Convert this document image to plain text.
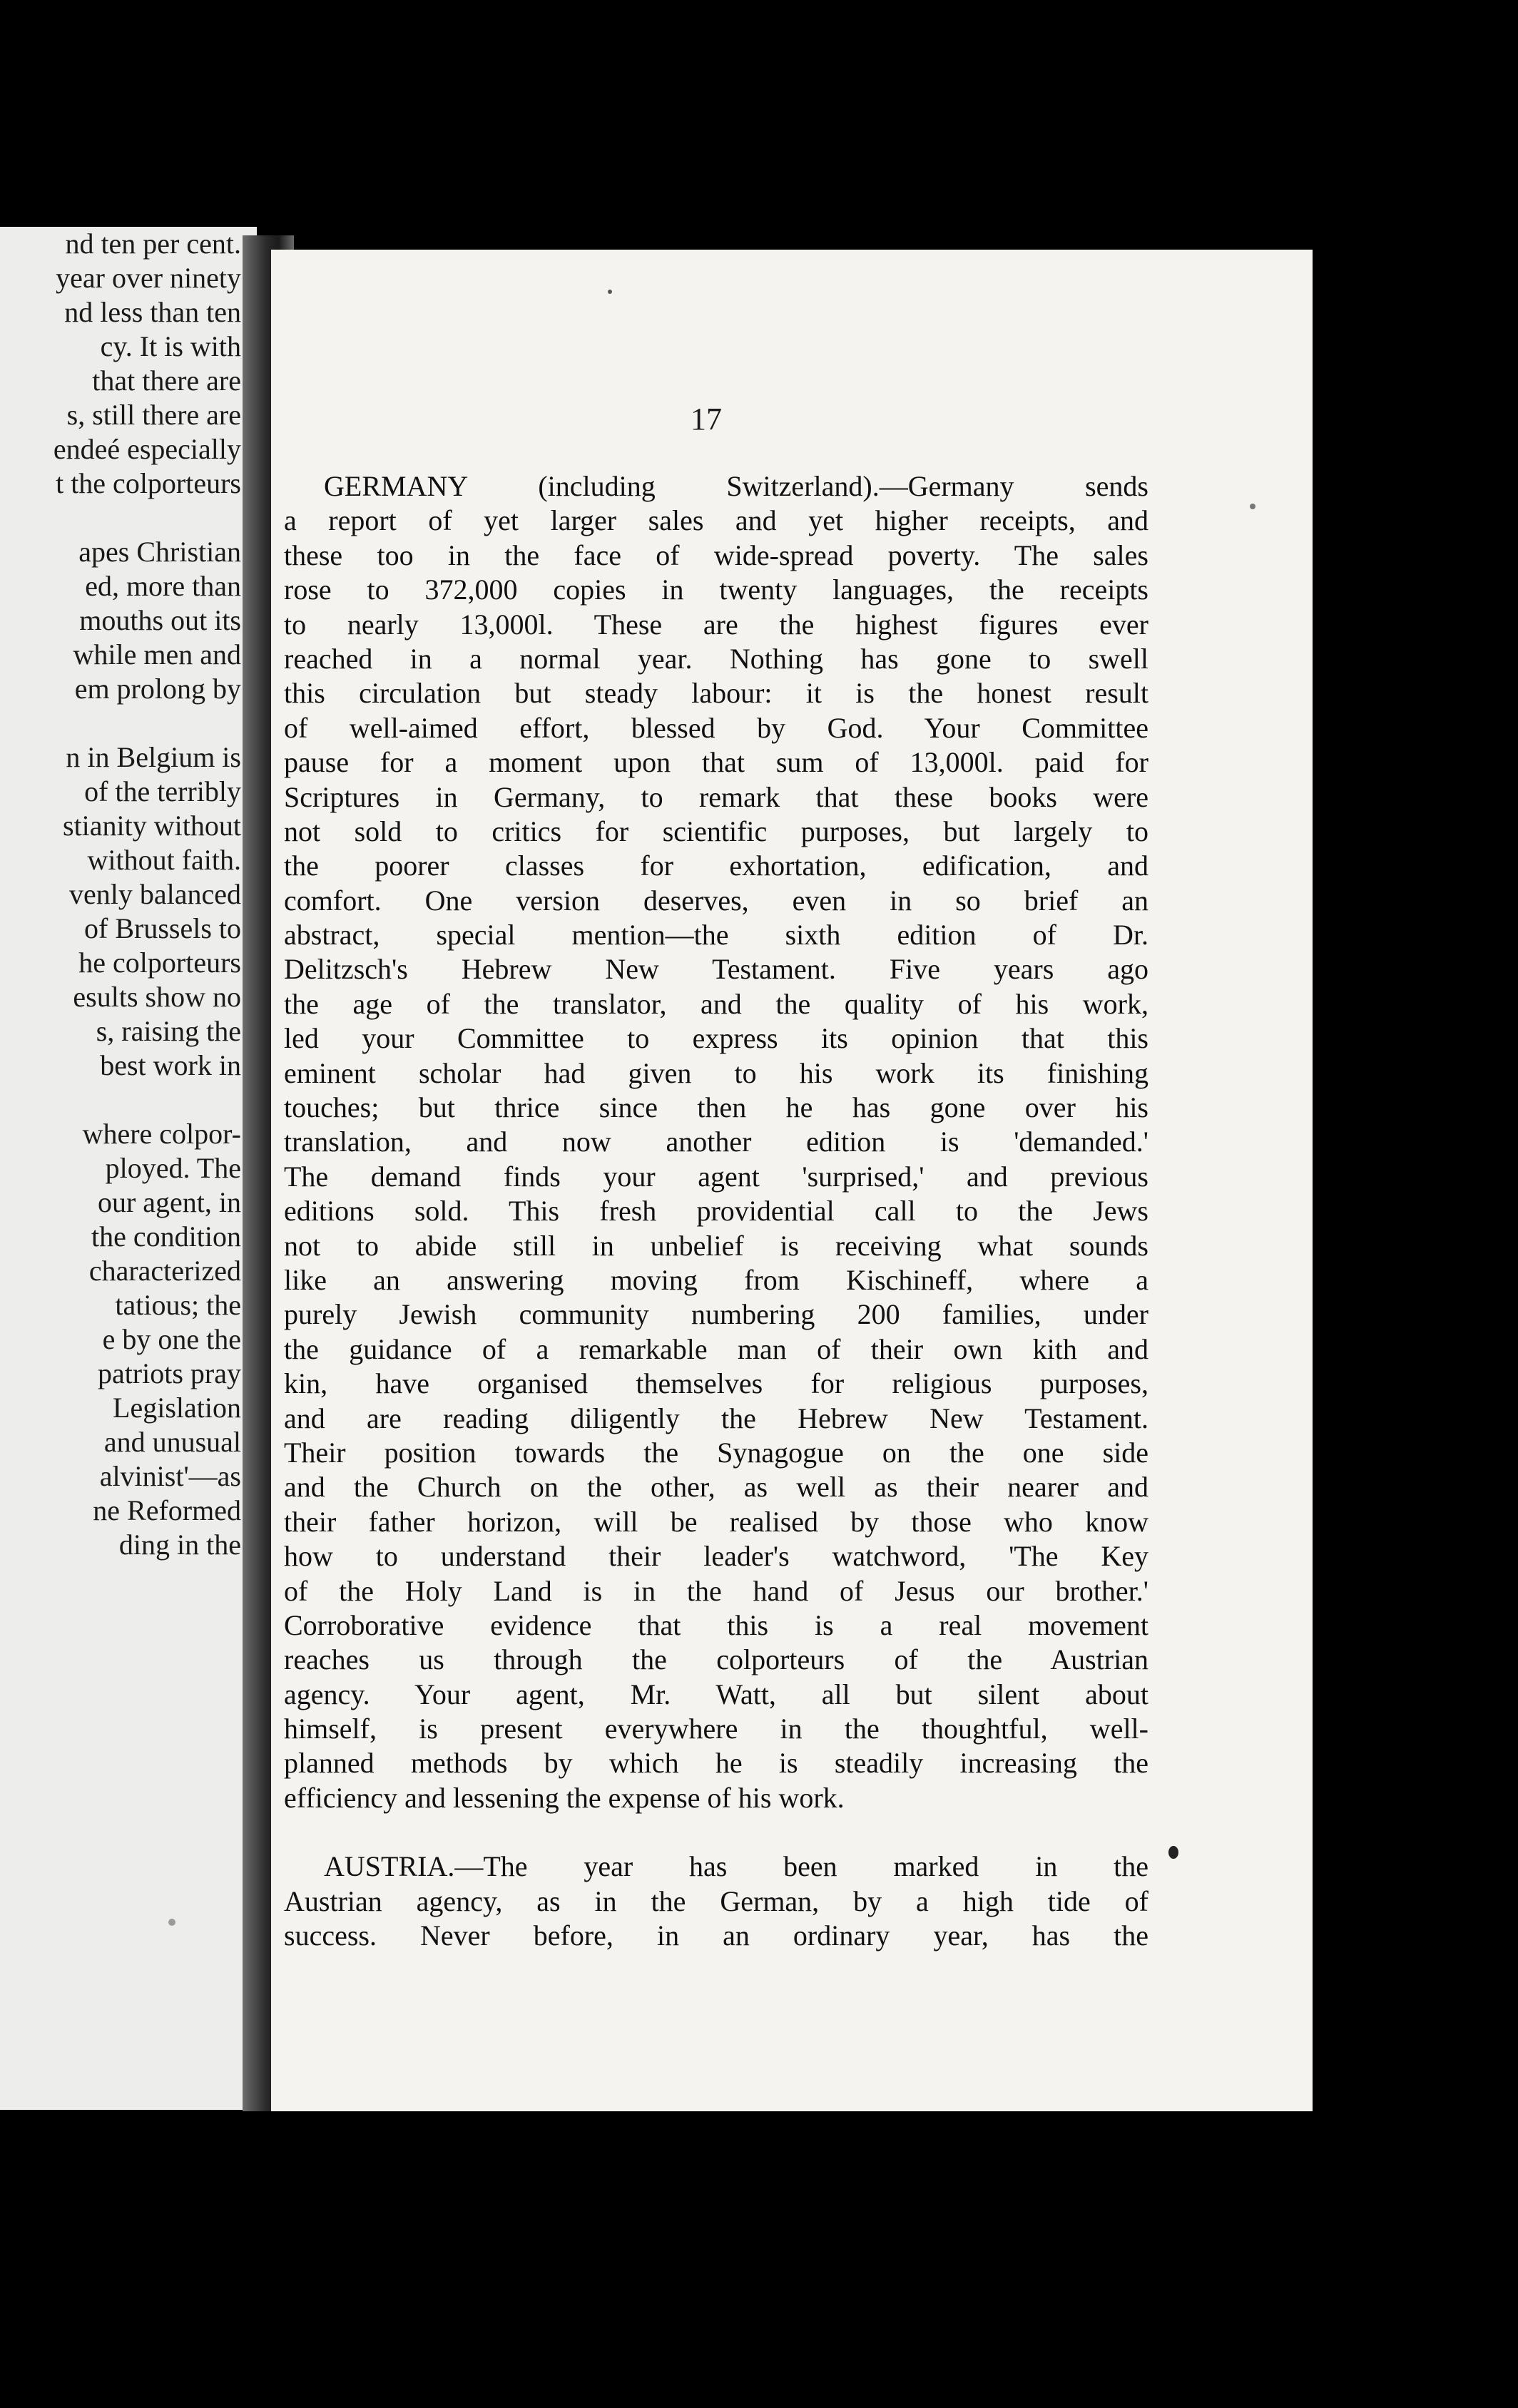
nd ten per cent.
year over ninety
nd less than ten
cy. It is with
that there are
s, still there are
endeé especially
t the colporteurs
apes Christian
ed, more than
mouths out its
while men and
em prolong by
n in Belgium is
of the terribly
stianity without
without faith.
venly balanced
of Brussels to
he colporteurs
esults show no
s, raising the
best work in
where colpor-
ployed. The
our agent, in
the condition
characterized
tatious; the
e by one the
patriots pray
Legislation
and unusual
alvinist'—as
ne Reformed
ding in the
17
GERMANY (including Switzerland).—Germany sends
a report of yet larger sales and yet higher receipts, and
these too in the face of wide-spread poverty. The sales
rose to 372,000 copies in twenty languages, the receipts
to nearly 13,000l. These are the highest figures ever
reached in a normal year. Nothing has gone to swell
this circulation but steady labour: it is the honest result
of well-aimed effort, blessed by God. Your Committee
pause for a moment upon that sum of 13,000l. paid for
Scriptures in Germany, to remark that these books were
not sold to critics for scientific purposes, but largely to
the poorer classes for exhortation, edification, and
comfort. One version deserves, even in so brief an
abstract, special mention—the sixth edition of Dr.
Delitzsch's Hebrew New Testament. Five years ago
the age of the translator, and the quality of his work,
led your Committee to express its opinion that this
eminent scholar had given to his work its finishing
touches; but thrice since then he has gone over his
translation, and now another edition is 'demanded.'
The demand finds your agent 'surprised,' and previous
editions sold. This fresh providential call to the Jews
not to abide still in unbelief is receiving what sounds
like an answering moving from Kischineff, where a
purely Jewish community numbering 200 families, under
the guidance of a remarkable man of their own kith and
kin, have organised themselves for religious purposes,
and are reading diligently the Hebrew New Testament.
Their position towards the Synagogue on the one side
and the Church on the other, as well as their nearer and
their father horizon, will be realised by those who know
how to understand their leader's watchword, 'The Key
of the Holy Land is in the hand of Jesus our brother.'
Corroborative evidence that this is a real movement
reaches us through the colporteurs of the Austrian
agency. Your agent, Mr. Watt, all but silent about
himself, is present everywhere in the thoughtful, well-
planned methods by which he is steadily increasing the
efficiency and lessening the expense of his work.
AUSTRIA.—The year has been marked in the
Austrian agency, as in the German, by a high tide of
success. Never before, in an ordinary year, has the
